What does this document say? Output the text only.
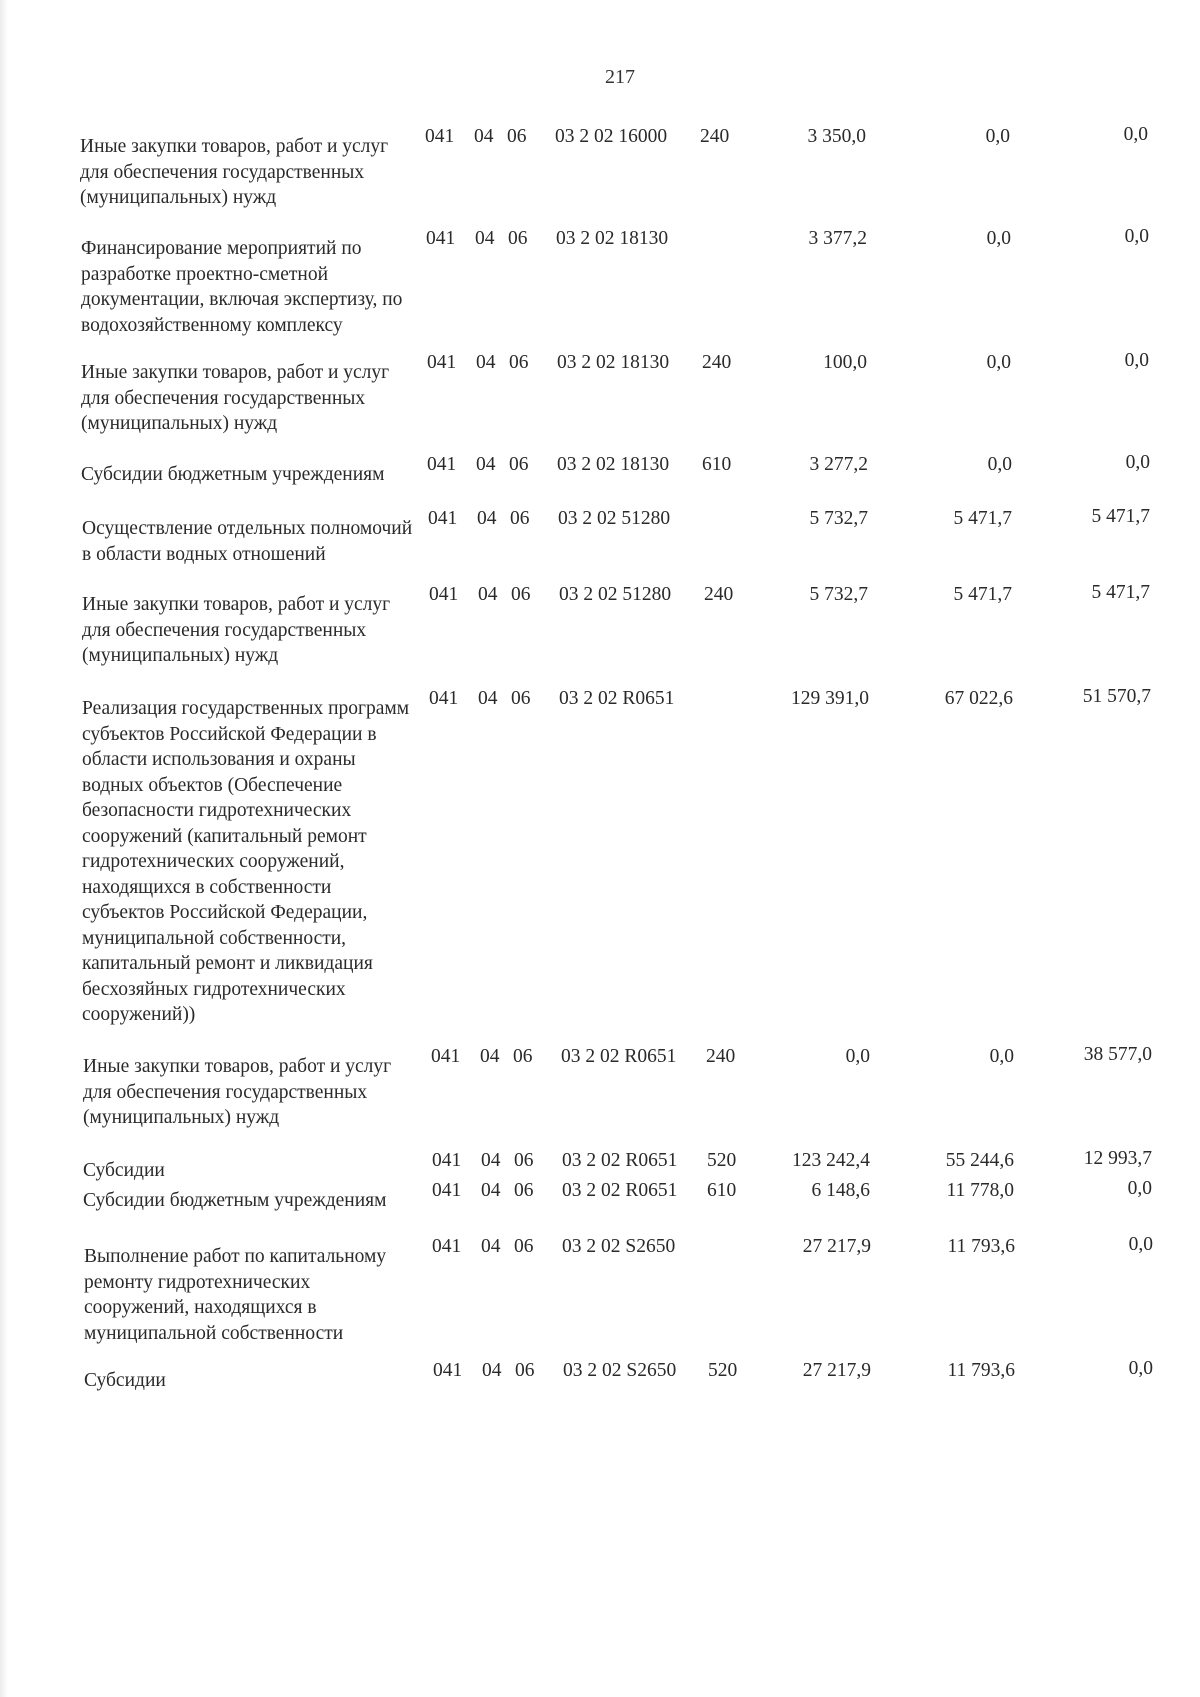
217
Иные закупки товаров, работ и услуг для обеспечения государственных (муниципальных) нужд
041 04 06 03 2 02 16000 240	3 350,0	0,0	0,0
Финансирование мероприятий по разработке проектно-сметной документации, включая экспертизу, по водохозяйственному комплексу
041 04 06 03 2 02 18130	3 377,2	0,0	0,0
Иные закупки товаров, работ и услуг для обеспечения государственных (муниципальных) нужд
041 04 06 03 2 02 18130 240	100,0	0,0	0,0
Субсидии бюджетным учреждениям	041 04 06 03 2 02 18130 610	3 277,2	0,0	0,0
Осуществление отдельных полномочий в области водных отношений
041 04 06 03 2 02 51280	5 732,7	5 471,7	5 471,7
Иные закупки товаров, работ и услуг для обеспечения государственных (муниципальных) нужд
041 04 06 03 2 02 51280 240	5 732,7	5 471,7	5 471,7
Реализация государственных программ субъектов Российской Федерации в области использования и охраны водных объектов (Обеспечение безопасности гидротехнических сооружений (капитальный ремонт гидротехнических сооружений, находящихся в собственности субъектов Российской Федерации, муниципальной собственности, капитальный ремонт и ликвидация бесхозяйных гидротехнических сооружений))
041 04 06 03 2 02 R0651	129 391,0	67 022,6	51 570,7
Иные закупки товаров, работ и услуг для обеспечения государственных (муниципальных) нужд
041 04 06 03 2 02 R0651 240	0,0	0,0	38 577,0
Субсидии	041 04 06 03 2 02 R0651 520	123 242,4	55 244,6	12 993,7
Субсидии бюджетным учреждениям	041 04 06 03 2 02 R0651 610	6 148,6	11 778,0	0,0
Выполнение работ по капитальному ремонту гидротехнических сооружений, находящихся в муниципальной собственности
041 04 06 03 2 02 S2650	27 217,9	11 793,6	0,0
Субсидии	041 04 06 03 2 02 S2650 520	27 217,9	11 793,6	0,0
